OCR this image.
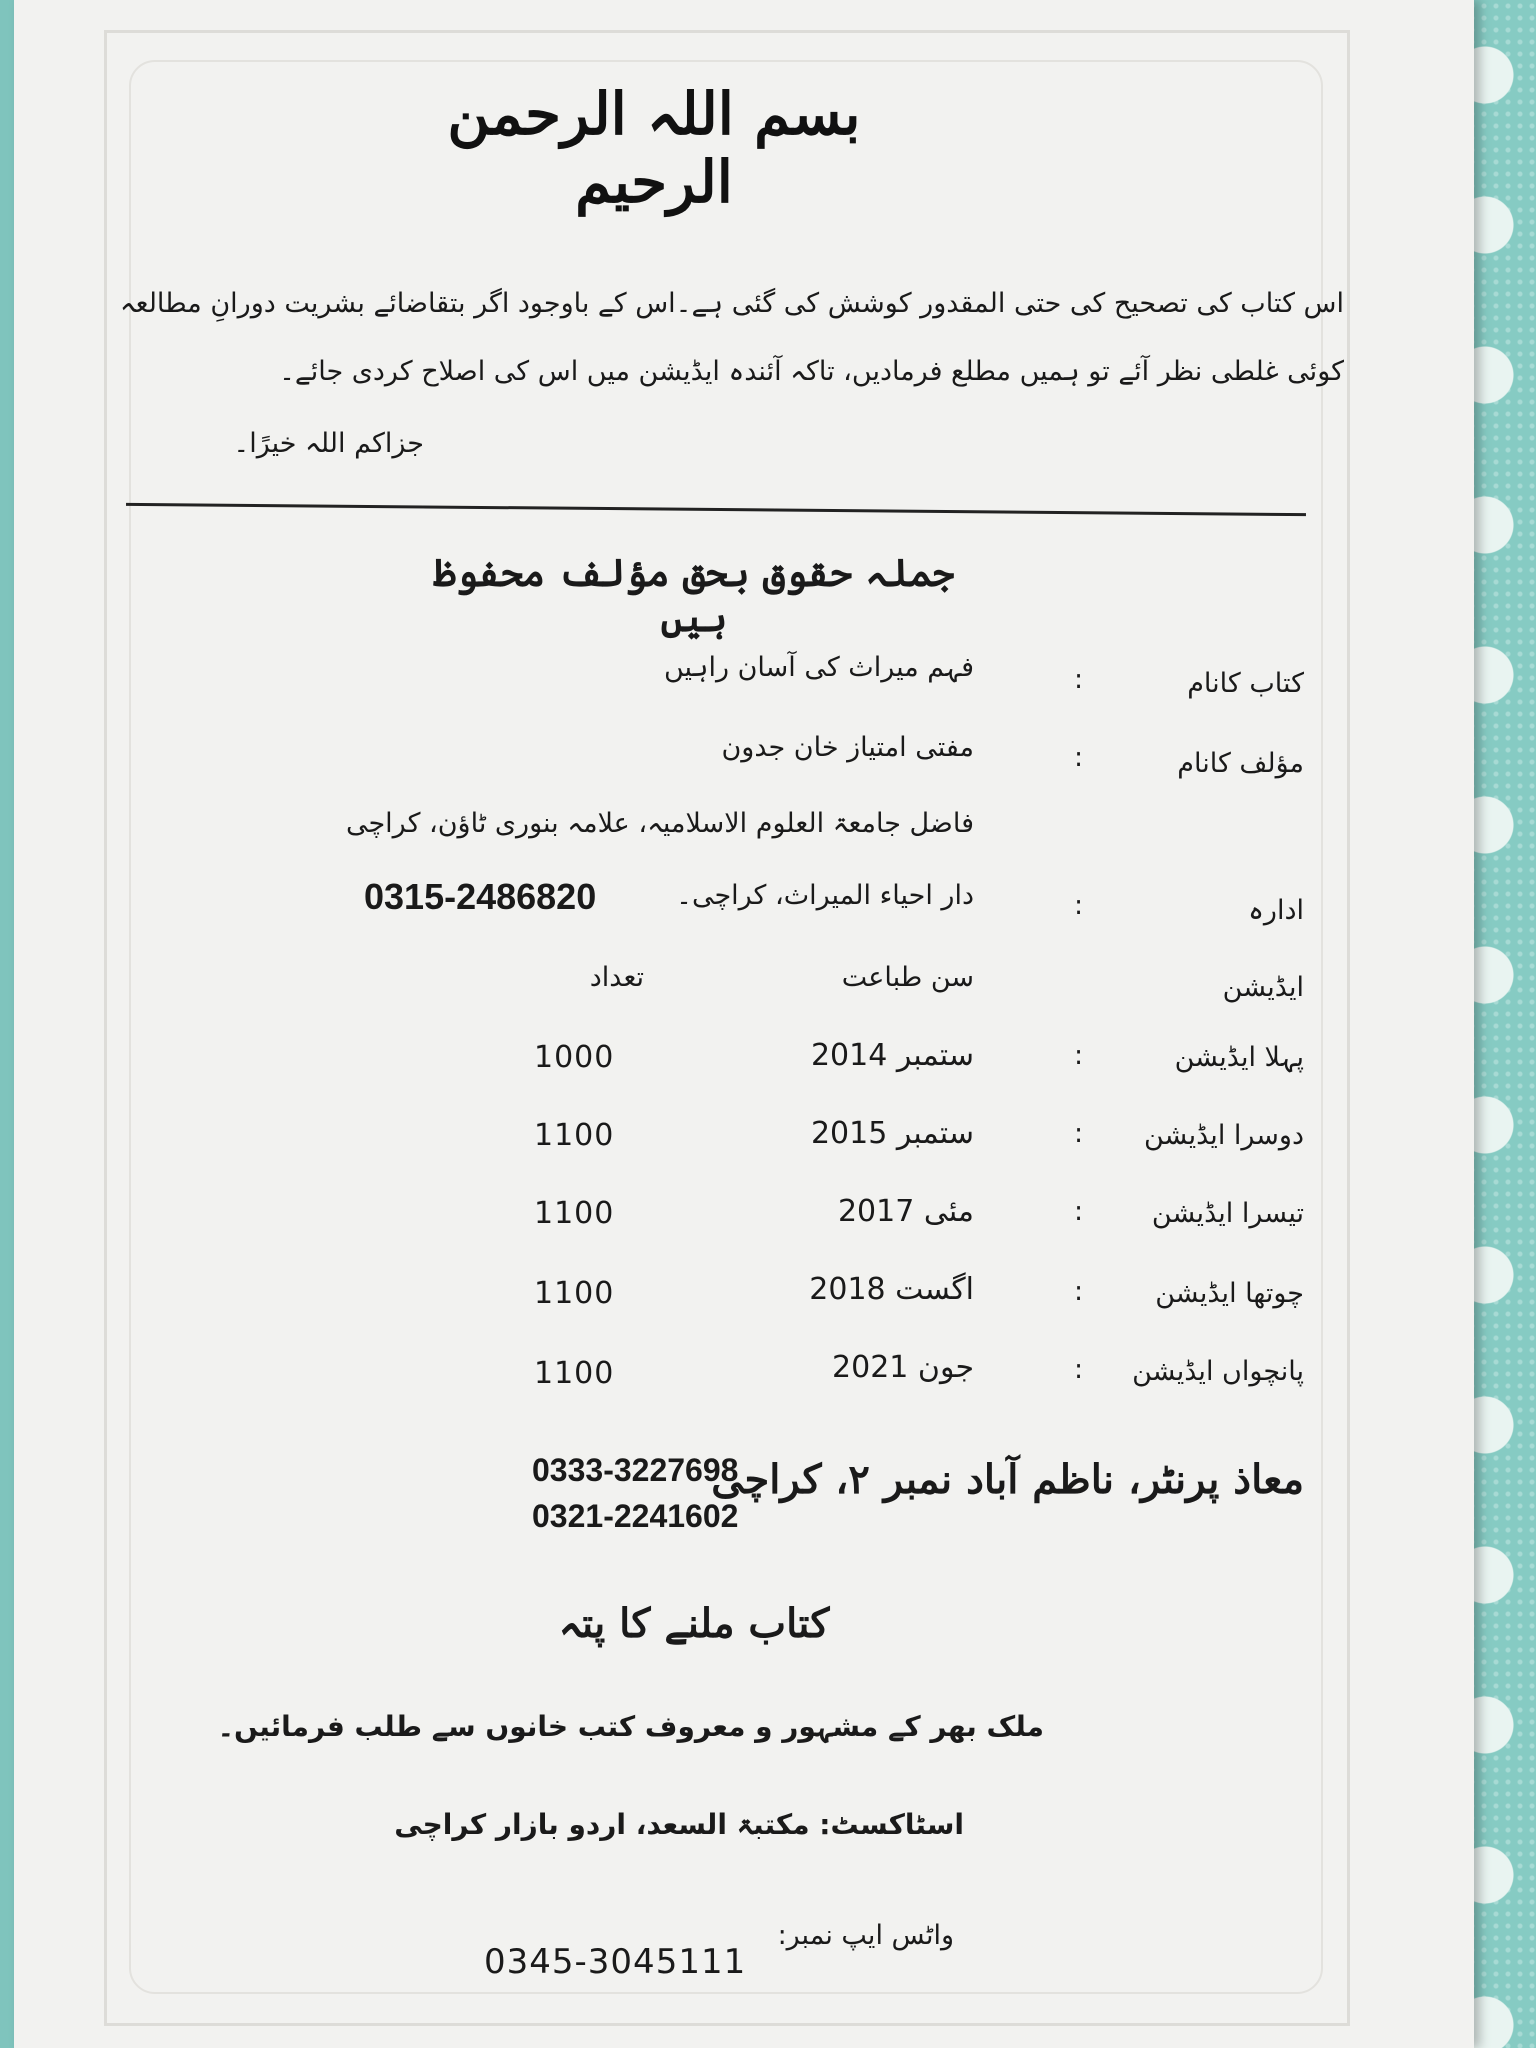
بسم اللہ الرحمن الرحیم
اس کتاب کی تصحیح کی حتی المقدور کوشش کی گئی ہے۔اس کے باوجود اگر بتقاضائے بشریت دورانِ مطالعہ
کوئی غلطی نظر آئے تو ہمیں مطلع فرمادیں، تاکہ آئندہ ایڈیشن میں اس کی اصلاح کردی جائے۔
جزاکم اللہ خیرًا۔
جملہ حقوق بحق مؤلف محفوظ ہیں
کتاب کانام
:
فہم میراث کی آسان راہیں
مؤلف کانام
:
مفتی امتیاز خان جدون
فاضل جامعۃ العلوم الاسلامیہ، علامہ بنوری ٹاؤن، کراچی
ادارہ
:
دار احیاء المیراث، کراچی۔
0315-2486820
ایڈیشن
سن طباعت
تعداد
پہلا ایڈیشن
:
ستمبر 2014
1000
دوسرا ایڈیشن
:
ستمبر 2015
1100
تیسرا ایڈیشن
:
مئی 2017
1100
چوتھا ایڈیشن
:
اگست 2018
1100
پانچواں ایڈیشن
:
جون 2021
1100
معاذ پرنٹر، ناظم آباد نمبر ۲، کراچی
0333-3227698
0321-2241602
کتاب ملنے کا پتہ
ملک بھر کے مشہور و معروف کتب خانوں سے طلب فرمائیں۔
اسٹاکسٹ: مکتبۃ السعد، اردو بازار کراچی
واٹس ایپ نمبر:
0345-3045111
